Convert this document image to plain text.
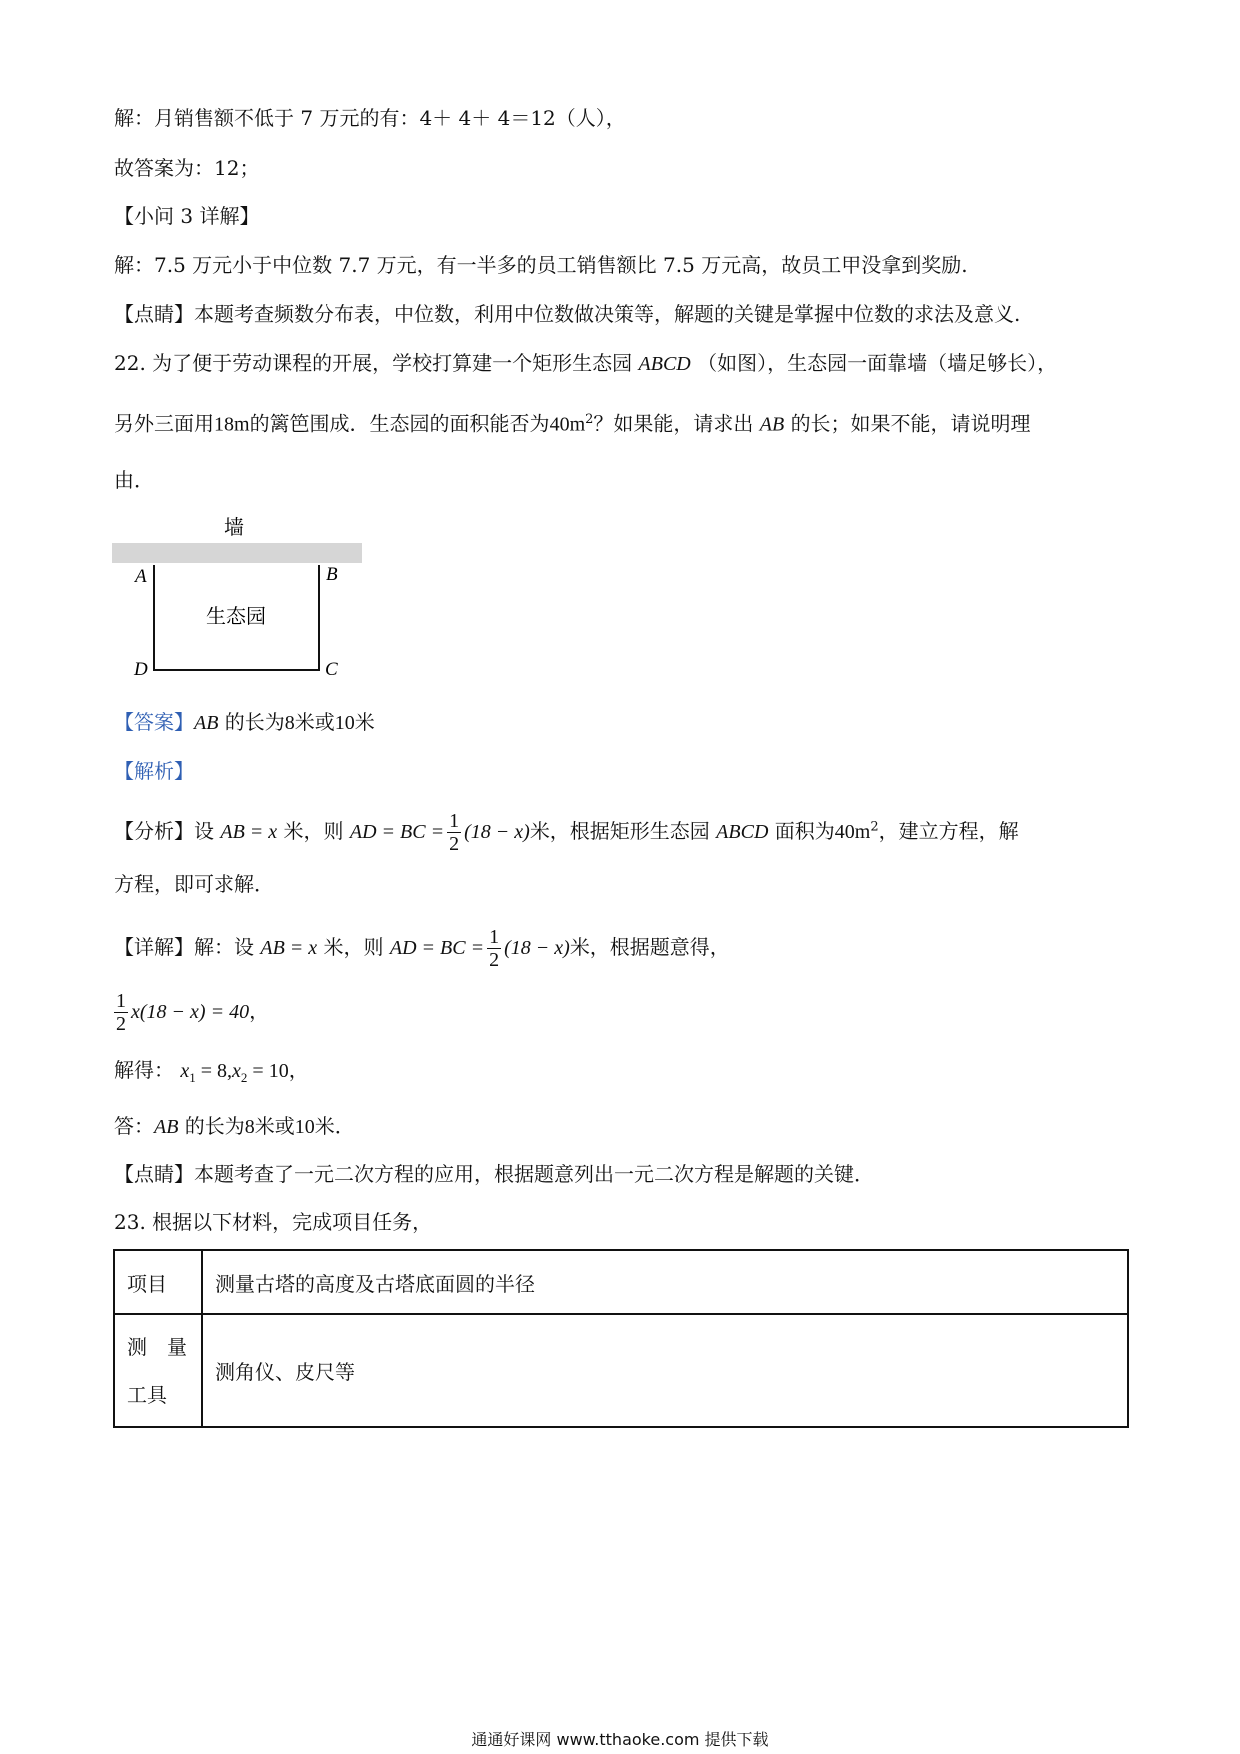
解：月销售额不低于 7 万元的有：4＋ 4＋ 4＝12（人），
故答案为：12；
【小问 3 详解】
解：7.5 万元小于中位数 7.7 万元，有一半多的员工销售额比 7.5 万元高，故员工甲没拿到奖励.
【点睛】本题考查频数分布表，中位数，利用中位数做决策等，解题的关键是掌握中位数的求法及意义.
22. 为了便于劳动课程的开展，学校打算建一个矩形生态园 ABCD （如图），生态园一面靠墙（墙足够长），
另外三面用18m的篱笆围成．生态园的面积能否为$40m^2$？如果能，请求出 AB 的长；如果不能，请说明理
由．
墙
生态园
A	B
C
D
【答案】AB 的长为8米或10米
【解析】
【分析】设 AB = x 米，则 AD = BC = $\frac{1}{2} (18 - x)$米，根据矩形生态园 ABCD 面积为$40m^2$，建立方程，解
方程，即可求解．
【详解】解：设 AB = x 米，则 AD = BC = $\frac{1}{2} (18 - x)$米，根据题意得，
$\frac{1}{2} x(18 - x) = 40$，
解得： $x_1 = 8,x_2 = 10$，
答：AB 的长为8米或10米．
【点睛】本题考查了一元二次方程的应用，根据题意列出一元二次方程是解题的关键．
23. 根据以下材料，完成项目任务，
项目	测量古塔的高度及古塔底面圆的半径

测　量
工具	测角仪、皮尺等
通通好课网 www.tthaoke.com 提供下载
